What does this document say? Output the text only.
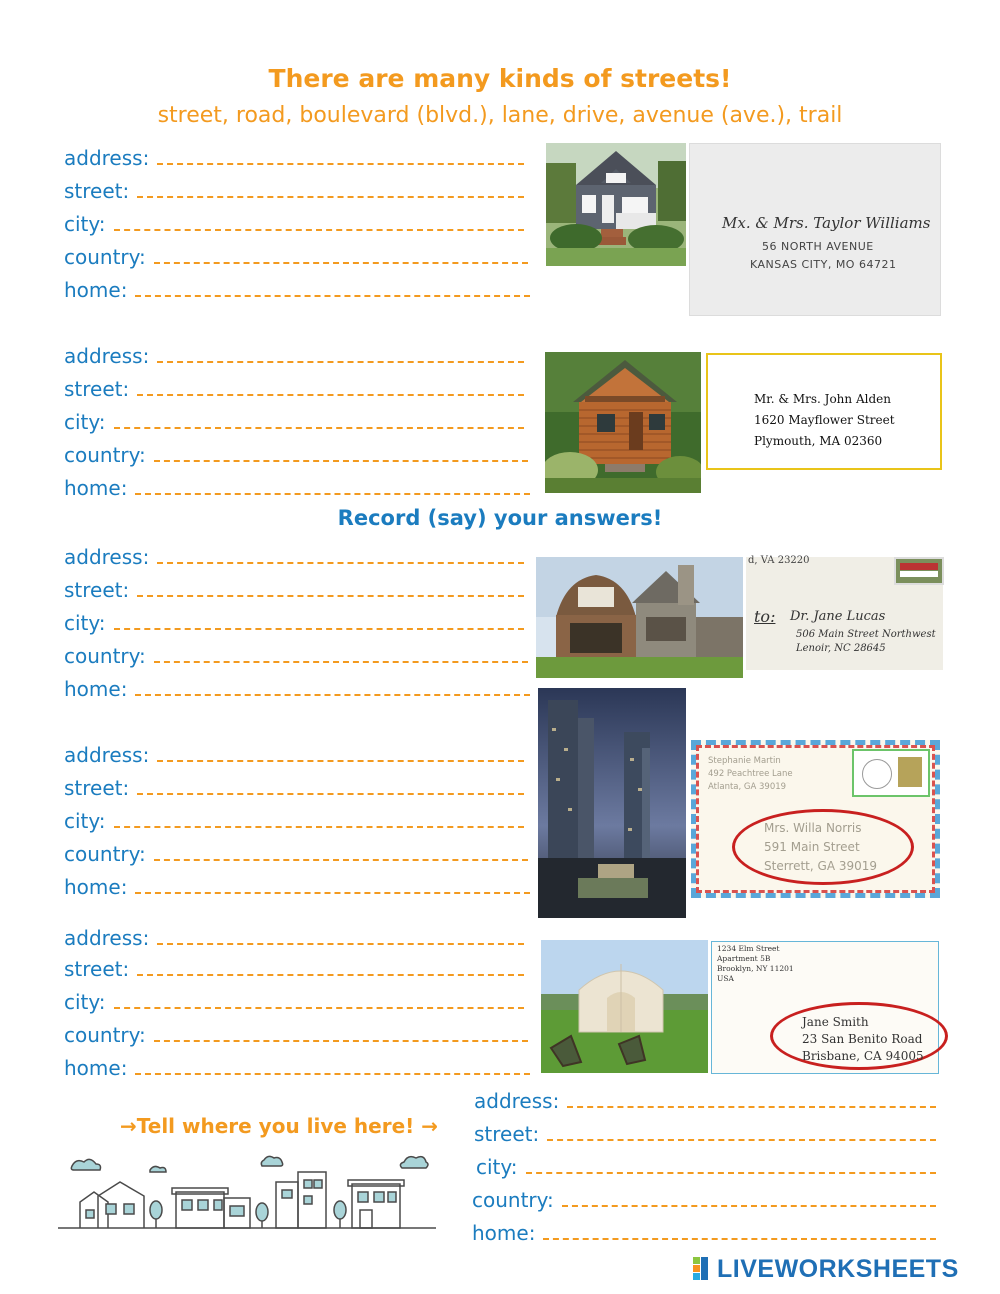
There are many kinds of streets!
street, road, boulevard (blvd.), lane, drive, avenue (ave.), trail
address:
street:
city:
country:
home:
Mx. & Mrs. Taylor Williams
56 NORTH AVENUE
KANSAS CITY, MO 64721
address:
street:
city:
country:
home:
Mr. & Mrs. John Alden
1620 Mayflower Street
Plymouth, MA 02360
Record (say) your answers!
address:
street:
city:
country:
home:
d, VA 23220
to: Dr. Jane Lucas
506 Main Street Northwest
Lenoir, NC 28645
address:
street:
city:
country:
home:
Stephanie Martin
492 Peachtree Lane
Atlanta, GA 39019
Mrs. Willa Norris
591 Main Street
Sterrett, GA 39019
address:
street:
city:
country:
home:
1234 Elm Street
Apartment 5B
Brooklyn, NY 11201
USA
Jane Smith
23 San Benito Road
Brisbane, CA 94005
→Tell where you live here! →
address:
street:
city:
country:
home:
LIVEWORKSHEETS
